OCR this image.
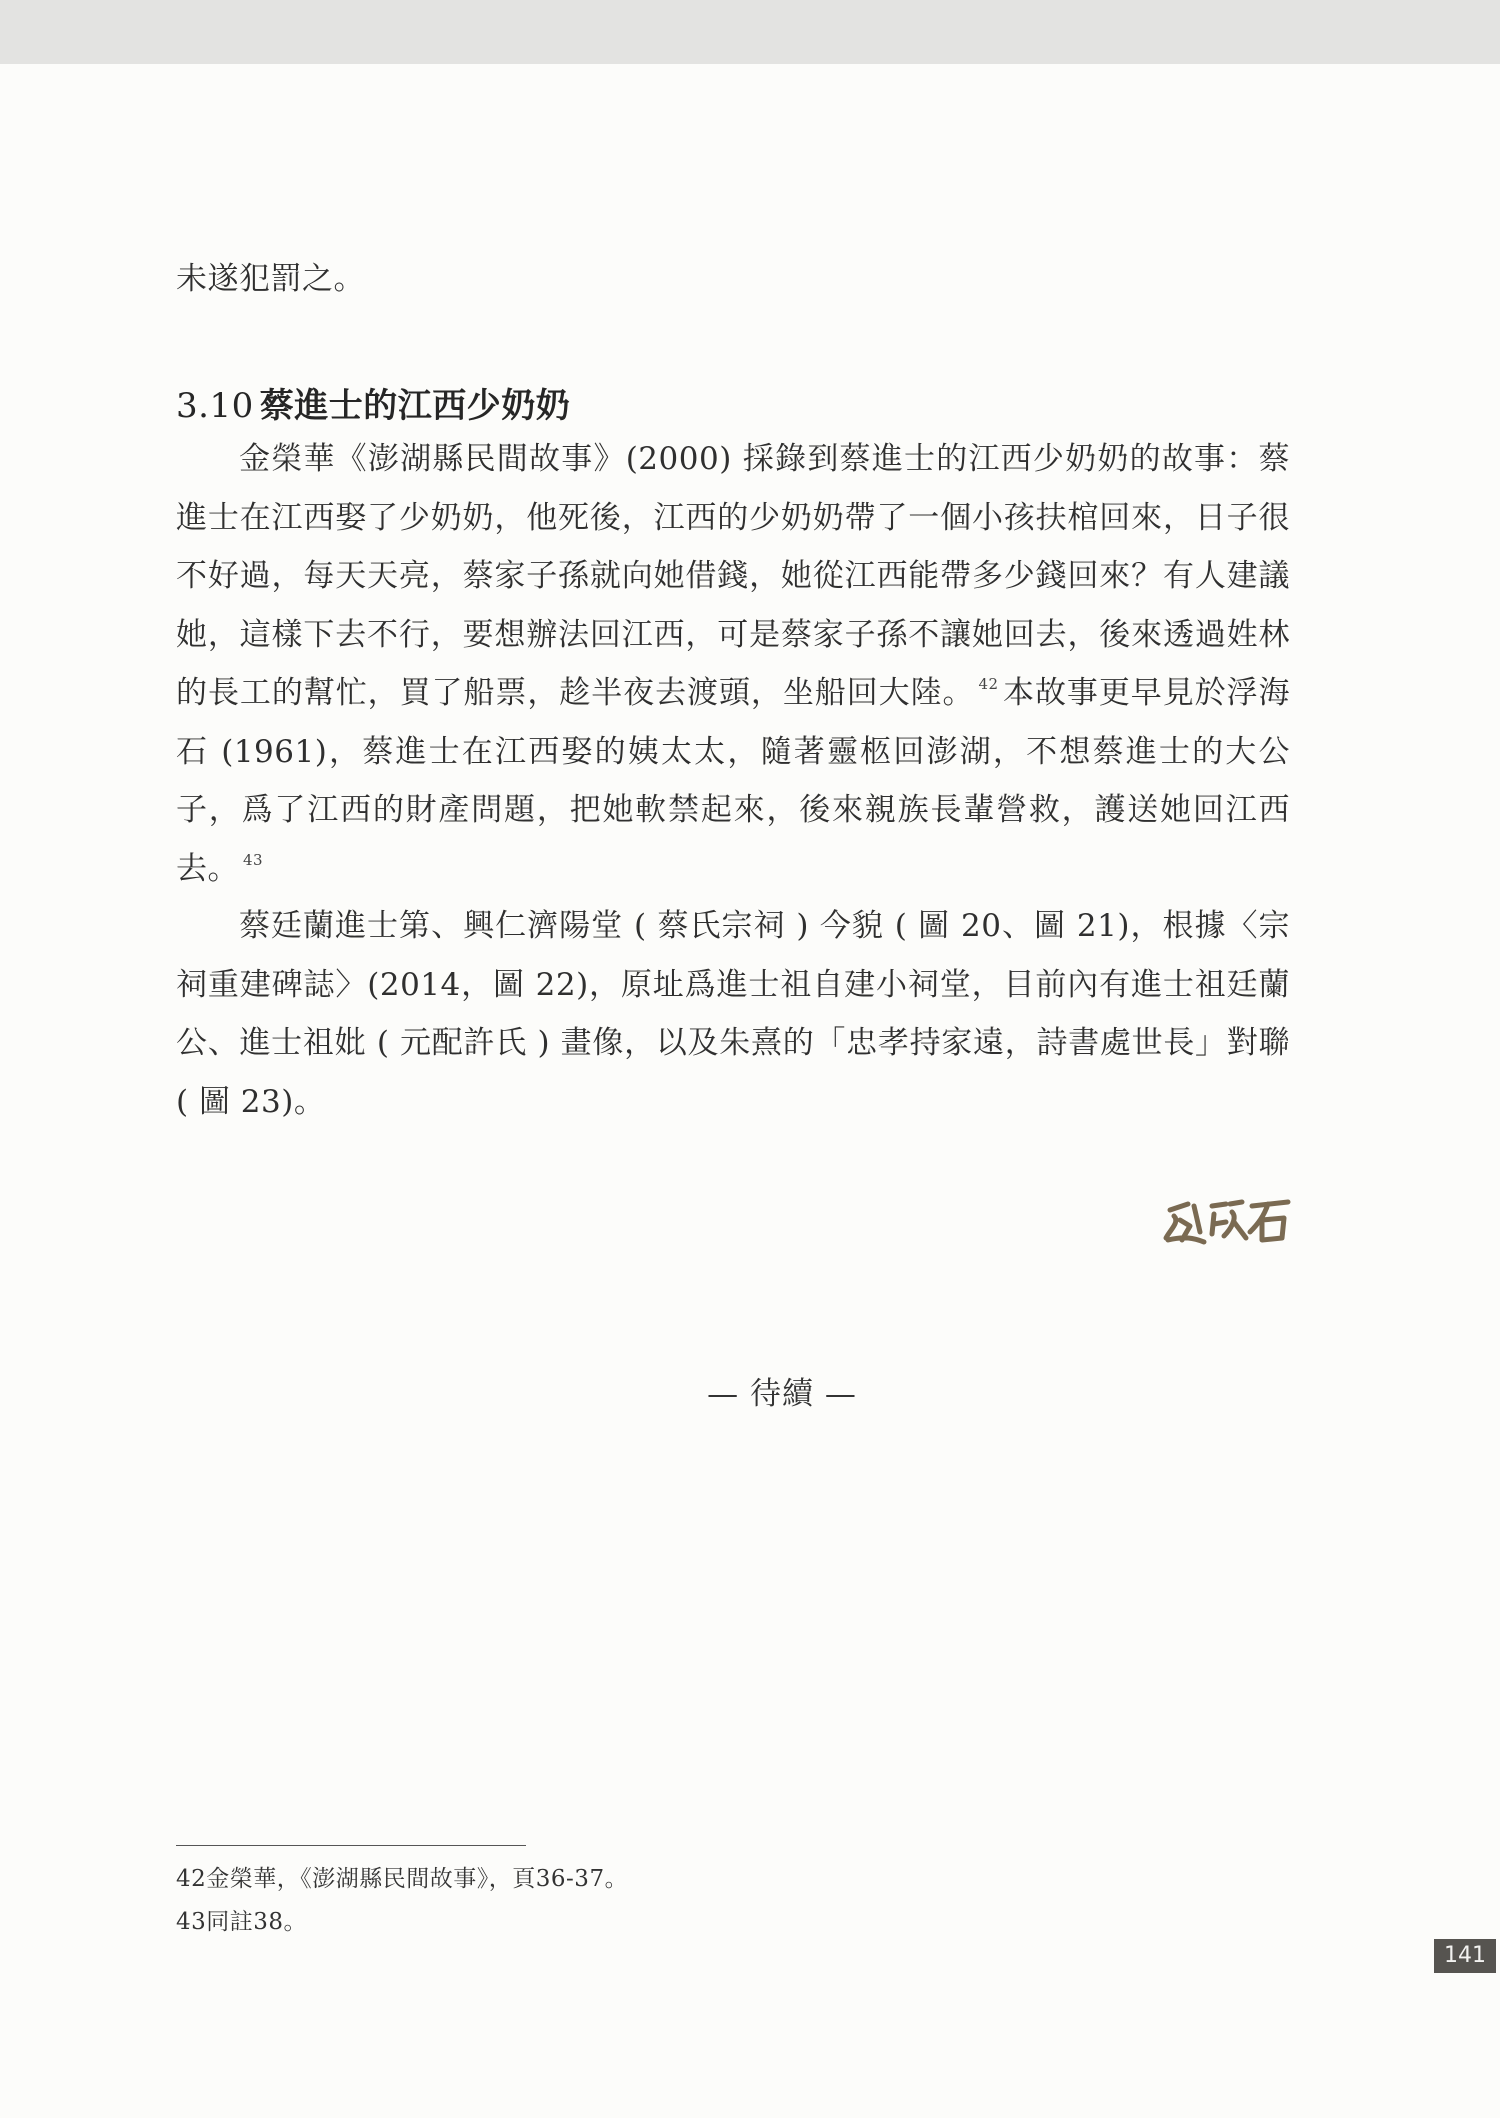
未遂犯罰之。
3.10 蔡進士的江西少奶奶
金榮華《澎湖縣民間故事》(2000) 採錄到蔡進士的江西少奶奶的故事：蔡進士在江西娶了少奶奶，他死後，江西的少奶奶帶了一個小孩扶棺回來，日子很不好過，每天天亮，蔡家子孫就向她借錢，她從江西能帶多少錢回來？有人建議她，這樣下去不行，要想辦法回江西，可是蔡家子孫不讓她回去，後來透過姓林的長工的幫忙，買了船票，趁半夜去渡頭，坐船回大陸。 $^{42}$ 本故事更早見於浮海石 (1961)，蔡進士在江西娶的姨太太，隨著靈柩回澎湖，不想蔡進士的大公子，爲了江西的財產問題，把她軟禁起來，後來親族長輩營救，護送她回江西去。 $^{43}$
蔡廷蘭進士第、興仁濟陽堂 ( 蔡氏宗祠 ) 今貌 ( 圖 20、圖 21)，根據〈宗祠重建碑誌〉(2014，圖 22)，原址爲進士祖自建小祠堂，目前內有進士祖廷蘭公、進士祖妣 ( 元配許氏 ) 畫像，以及朱熹的「忠孝持家遠，詩書處世長」對聯 ( 圖 23)。
— 待續 —
42金榮華，《澎湖縣民間故事》，頁36-37。
43同註38。
141
